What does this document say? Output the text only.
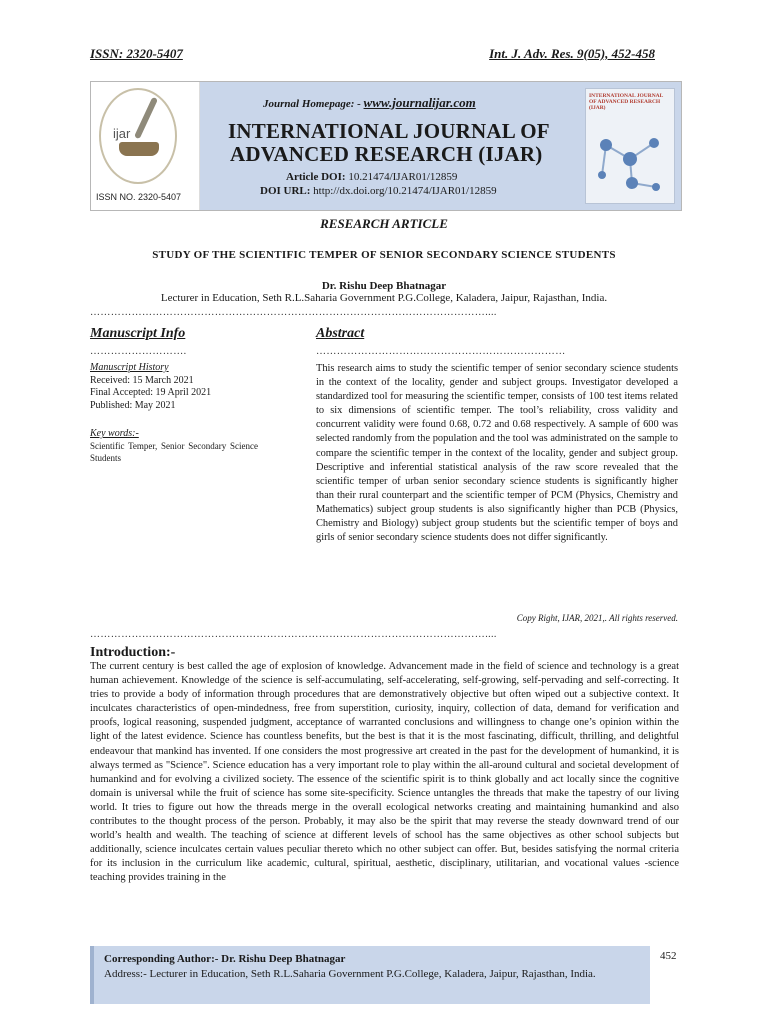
ISSN: 2320-5407	Int. J. Adv. Res. 9(05), 452-458
ijar
ISSN NO. 2320-5407
Journal Homepage: - www.journalijar.com
INTERNATIONAL JOURNAL OF
ADVANCED RESEARCH (IJAR)
Article DOI: 10.21474/IJAR01/12859
DOI URL: http://dx.doi.org/10.21474/IJAR01/12859
INTERNATIONAL JOURNAL OF ADVANCED RESEARCH (IJAR)
RESEARCH ARTICLE
STUDY OF THE SCIENTIFIC TEMPER OF SENIOR SECONDARY SCIENCE STUDENTS
Dr. Rishu Deep Bhatnagar
Lecturer in Education, Seth R.L.Saharia Government P.G.College, Kaladera, Jaipur, Rajasthan, India.
……………………………………………………………………………………………………....
Manuscript Info	Abstract
……………………….	………………………………………………………………
Manuscript History
Received: 15 March 2021
Final Accepted: 19 April 2021
Published: May 2021
Key words:-
Scientific Temper, Senior Secondary Science Students
This research aims to study the scientific temper of senior secondary science students in the context of the locality, gender and subject groups. Investigator developed a standardized tool for measuring the scientific temper, consists of 100 test items related to six dimensions of scientific temper. The tool’s reliability, cross validity and concurrent validity were found 0.68, 0.72 and 0.68 respectively. A sample of 600 was selected randomly from the population and the tool was administrated on the sample to compare the scientific temper in the context of the locality, gender and subject group. Descriptive and inferential statistical analysis of the raw score revealed that the scientific temper of urban senior secondary science students is significantly higher than their rural counterpart and the scientific temper of PCM (Physics, Chemistry and Mathematics) subject group students is also significantly higher than PCB (Physics, Chemistry and Biology) subject group students but the scientific temper of boys and girls of senior secondary science students does not differ significantly.
Copy Right, IJAR, 2021,. All rights reserved.
……………………………………………………………………………………………………....
Introduction:-
The current century is best called the age of explosion of knowledge. Advancement made in the field of science and technology is a great human achievement. Knowledge of the science is self-accumulating, self-accelerating, self-growing, self-pervading and self-correcting. It tries to provide a body of information through procedures that are demonstratively objective but often wiped out a subjective context. It inculcates characteristics of open-mindedness, free from superstition, curiosity, inquiry, collection of data, demand for verification and proofs, logical reasoning, suspended judgment, acceptance of warranted conclusions and willingness to change one’s opinion within the light of the latest evidence. Science has countless benefits, but the best is that it is the most fascinating, difficult, thrilling, and delightful endeavour that mankind has invented. If one considers the most progressive art created in the past for the development of humankind, it is always termed as "Science". Science education has a very important role to play within the all-around cultural and societal development of humankind and for evolving a civilized society. The essence of the scientific spirit is to think globally and act locally since the cognitive domain is universal while the fruit of science has some site-specificity. Science untangles the threads that make the tapestry of our living world. It tries to figure out how the threads merge in the overall ecological networks creating and maintaining humankind and also contributes to the thought process of the person. Probably, it may also be the spirit that may reverse the steady downward trend of our world’s health and wealth. The teaching of science at different levels of school has the same objectives as other school subjects but additionally, science inculcates certain values peculiar thereto which no other subject can offer. But, besides satisfying the normal criteria for its inclusion in the curriculum like academic, cultural, spiritual, aesthetic, disciplinary, utilitarian, and vocational values -science teaching provides training in the
Corresponding Author:- Dr. Rishu Deep Bhatnagar
Address:- Lecturer in Education, Seth R.L.Saharia Government P.G.College, Kaladera, Jaipur, Rajasthan, India.
452
